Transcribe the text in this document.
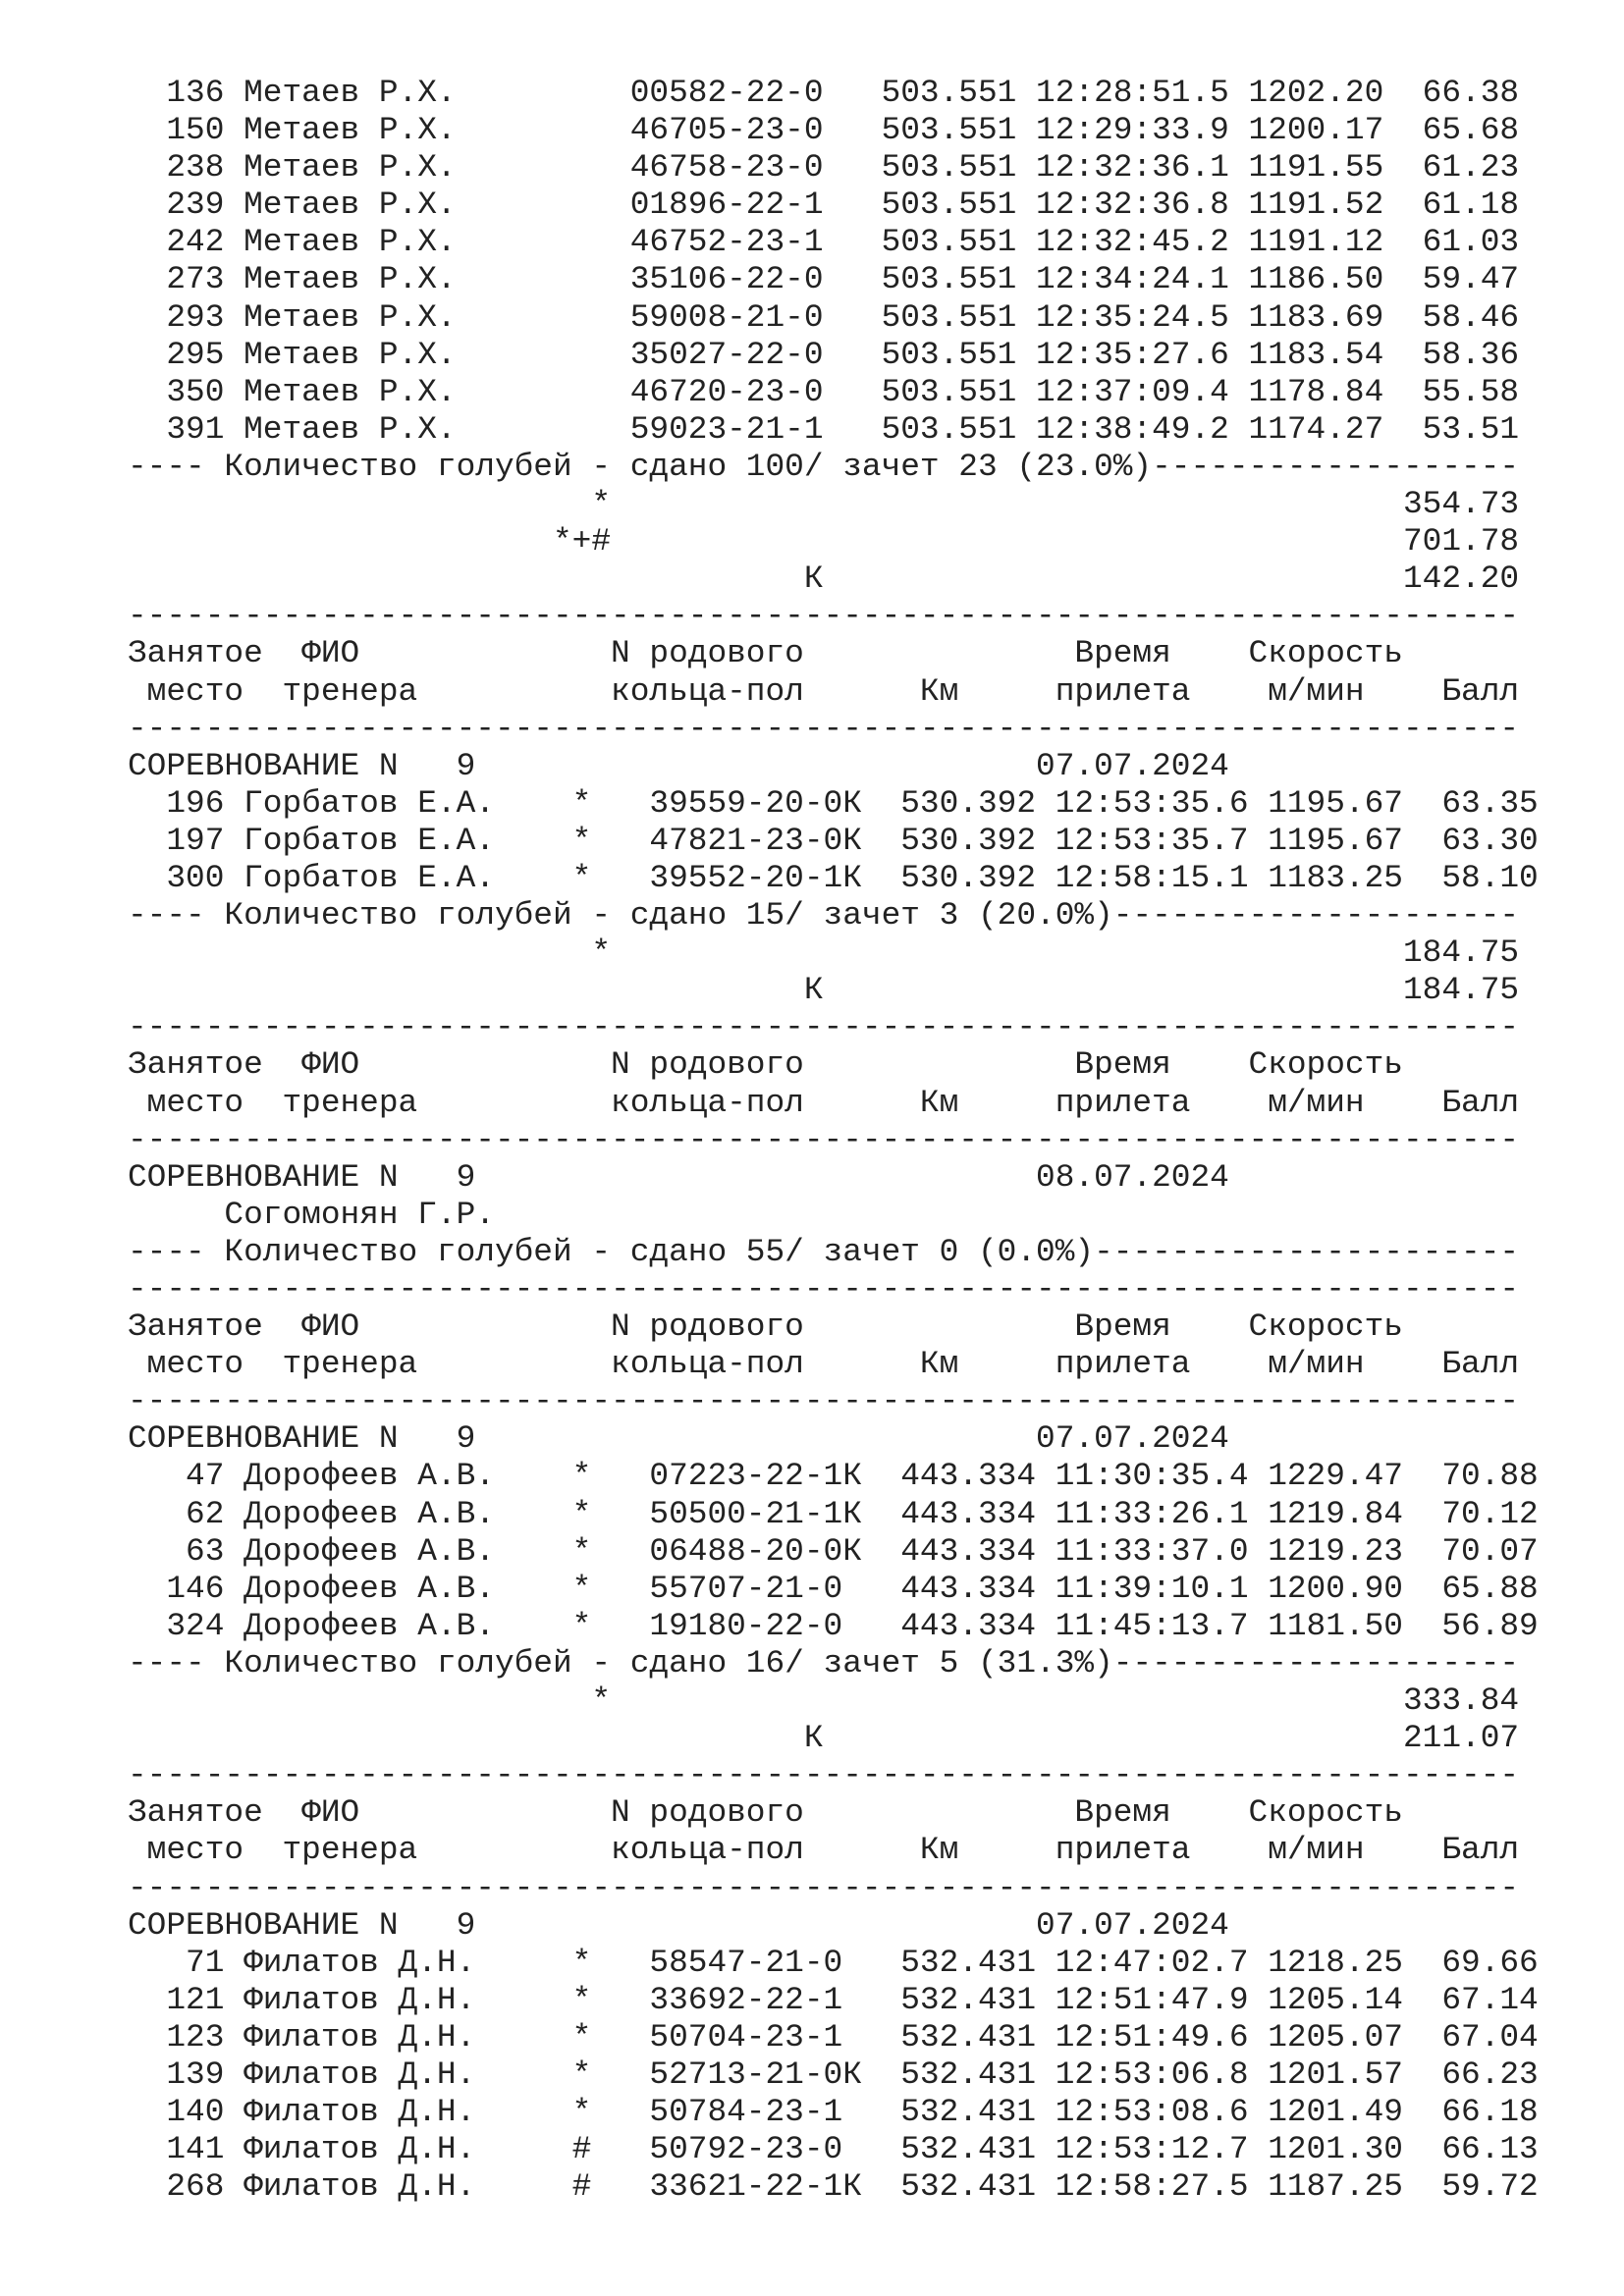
136 Метаев Р.Х.         00582-22-0   503.551 12:28:51.5 1202.20  66.38
150 Метаев Р.Х.         46705-23-0   503.551 12:29:33.9 1200.17  65.68
238 Метаев Р.Х.         46758-23-0   503.551 12:32:36.1 1191.55  61.23
239 Метаев Р.Х.         01896-22-1   503.551 12:32:36.8 1191.52  61.18
242 Метаев Р.Х.         46752-23-1   503.551 12:32:45.2 1191.12  61.03
273 Метаев Р.Х.         35106-22-0   503.551 12:34:24.1 1186.50  59.47
293 Метаев Р.Х.         59008-21-0   503.551 12:35:24.5 1183.69  58.46
295 Метаев Р.Х.         35027-22-0   503.551 12:35:27.6 1183.54  58.36
350 Метаев Р.Х.         46720-23-0   503.551 12:37:09.4 1178.84  55.58
391 Метаев Р.Х.         59023-21-1   503.551 12:38:49.2 1174.27  53.51
---- Количество голубей - сдано 100/ зачет 23 (23.0%)-------------------
*                                         354.73
*+#                                         701.78
К                              142.20
------------------------------------------------------------------------
Занятое  ФИО             N родового              Время    Скорость
место  тренера          кольца-пол      Км     прилета    м/мин    Балл
------------------------------------------------------------------------
СОРЕВНОВАНИЕ N   9                             07.07.2024
196 Горбатов Е.А.    *   39559-20-0К  530.392 12:53:35.6 1195.67  63.35
197 Горбатов Е.А.    *   47821-23-0К  530.392 12:53:35.7 1195.67  63.30
300 Горбатов Е.А.    *   39552-20-1К  530.392 12:58:15.1 1183.25  58.10
---- Количество голубей - сдано 15/ зачет 3 (20.0%)---------------------
*                                         184.75
К                              184.75
------------------------------------------------------------------------
Занятое  ФИО             N родового              Время    Скорость
место  тренера          кольца-пол      Км     прилета    м/мин    Балл
------------------------------------------------------------------------
СОРЕВНОВАНИЕ N   9                             08.07.2024
Согомонян Г.Р.
---- Количество голубей - сдано 55/ зачет 0 (0.0%)----------------------
------------------------------------------------------------------------
Занятое  ФИО             N родового              Время    Скорость
место  тренера          кольца-пол      Км     прилета    м/мин    Балл
------------------------------------------------------------------------
СОРЕВНОВАНИЕ N   9                             07.07.2024
47 Дорофеев А.В.    *   07223-22-1К  443.334 11:30:35.4 1229.47  70.88
62 Дорофеев А.В.    *   50500-21-1К  443.334 11:33:26.1 1219.84  70.12
63 Дорофеев А.В.    *   06488-20-0К  443.334 11:33:37.0 1219.23  70.07
146 Дорофеев А.В.    *   55707-21-0   443.334 11:39:10.1 1200.90  65.88
324 Дорофеев А.В.    *   19180-22-0   443.334 11:45:13.7 1181.50  56.89
---- Количество голубей - сдано 16/ зачет 5 (31.3%)---------------------
*                                         333.84
К                              211.07
------------------------------------------------------------------------
Занятое  ФИО             N родового              Время    Скорость
место  тренера          кольца-пол      Км     прилета    м/мин    Балл
------------------------------------------------------------------------
СОРЕВНОВАНИЕ N   9                             07.07.2024
71 Филатов Д.Н.     *   58547-21-0   532.431 12:47:02.7 1218.25  69.66
121 Филатов Д.Н.     *   33692-22-1   532.431 12:51:47.9 1205.14  67.14
123 Филатов Д.Н.     *   50704-23-1   532.431 12:51:49.6 1205.07  67.04
139 Филатов Д.Н.     *   52713-21-0К  532.431 12:53:06.8 1201.57  66.23
140 Филатов Д.Н.     *   50784-23-1   532.431 12:53:08.6 1201.49  66.18
141 Филатов Д.Н.     #   50792-23-0   532.431 12:53:12.7 1201.30  66.13
268 Филатов Д.Н.     #   33621-22-1К  532.431 12:58:27.5 1187.25  59.72
